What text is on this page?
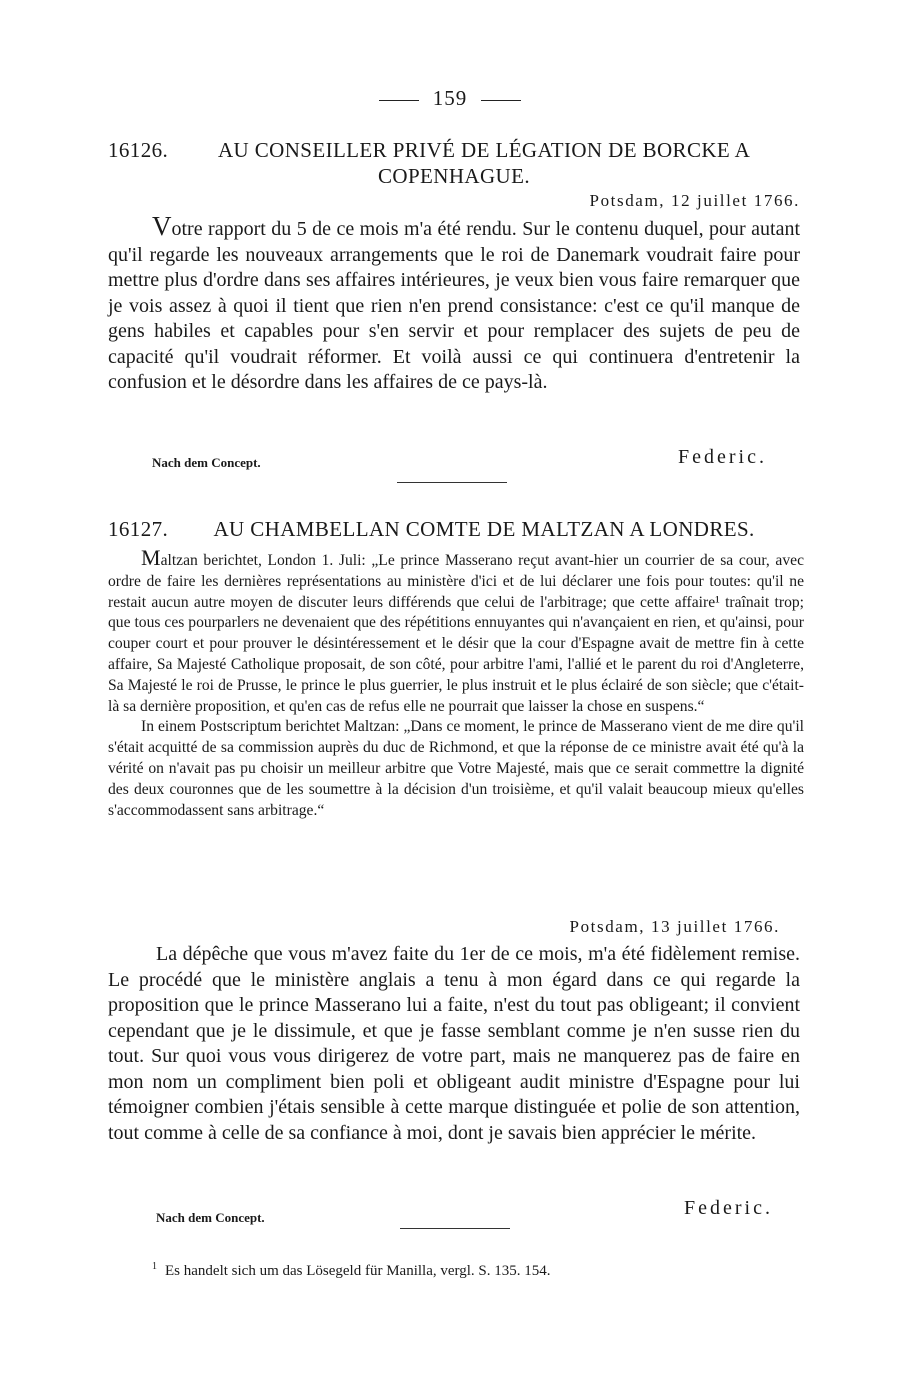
159
16126. AU CONSEILLER PRIVÉ DE LÉGATION DE BORCKE A COPENHAGUE.
Potsdam, 12 juillet 1766.
Votre rapport du 5 de ce mois m'a été rendu. Sur le contenu duquel, pour autant qu'il regarde les nouveaux arrangements que le roi de Danemark voudrait faire pour mettre plus d'ordre dans ses affaires intérieures, je veux bien vous faire remarquer que je vois assez à quoi il tient que rien n'en prend consistance: c'est ce qu'il manque de gens habiles et capables pour s'en servir et pour remplacer des sujets de peu de capacité qu'il voudrait réformer. Et voilà aussi ce qui continuera d'entretenir la confusion et le désordre dans les affaires de ce pays-là.
Nach dem Concept.	Federic.
16127. AU CHAMBELLAN COMTE DE MALTZAN A LONDRES.

Maltzan berichtet, London 1. Juli: „Le prince Masserano reçut avant-hier un courrier de sa cour, avec ordre de faire les dernières représentations au ministère d'ici et de lui déclarer une fois pour toutes: qu'il ne restait aucun autre moyen de discuter leurs différends que celui de l'arbitrage; que cette affaire¹ traînait trop; que tous ces pourparlers ne devenaient que des répétitions ennuyantes qui n'avançaient en rien, et qu'ainsi, pour couper court et pour prouver le désintéressement et le désir que la cour d'Espagne avait de mettre fin à cette affaire, Sa Majesté Catholique proposait, de son côté, pour arbitre l'ami, l'allié et le parent du roi d'Angleterre, Sa Majesté le roi de Prusse, le prince le plus guerrier, le plus instruit et le plus éclairé de son siècle; que c'était-là sa dernière proposition, et qu'en cas de refus elle ne pourrait que laisser la chose en suspens.“

In einem Postscriptum berichtet Maltzan: „Dans ce moment, le prince de Masserano vient de me dire qu'il s'était acquitté de sa commission auprès du duc de Richmond, et que la réponse de ce ministre avait été qu'à la vérité on n'avait pas pu choisir un meilleur arbitre que Votre Majesté, mais que ce serait commettre la dignité des deux couronnes que de les soumettre à la décision d'un troisième, et qu'il valait beaucoup mieux qu'elles s'accommodassent sans arbitrage.“

Potsdam, 13 juillet 1766.
La dépêche que vous m'avez faite du 1er de ce mois, m'a été fidèlement remise. Le procédé que le ministère anglais a tenu à mon égard dans ce qui regarde la proposition que le prince Masserano lui a faite, n'est du tout pas obligeant; il convient cependant que je le dissimule, et que je fasse semblant comme je n'en susse rien du tout. Sur quoi vous vous dirigerez de votre part, mais ne manquerez pas de faire en mon nom un compliment bien poli et obligeant audit ministre d'Espagne pour lui témoigner combien j'étais sensible à cette marque distinguée et polie de son attention, tout comme à celle de sa confiance à moi, dont je savais bien apprécier le mérite.
Nach dem Concept.	Federic.
$^1$ Es handelt sich um das Lösegeld für Manilla, vergl. S. 135. 154.
